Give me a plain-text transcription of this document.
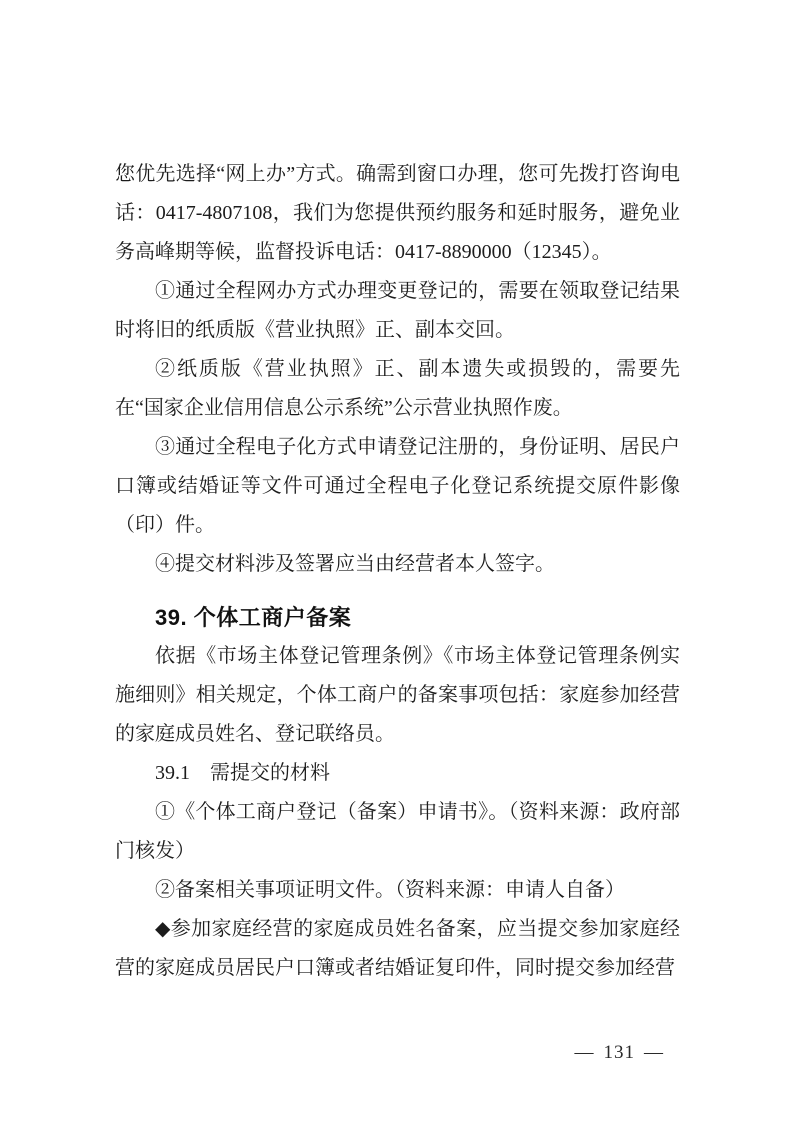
您优先选择“网上办”方式。确需到窗口办理，您可先拨打咨询电话：0417-4807108，我们为您提供预约服务和延时服务，避免业务高峰期等候，监督投诉电话：0417-8890000（12345）。

①通过全程网办方式办理变更登记的，需要在领取登记结果时将旧的纸质版《营业执照》正、副本交回。

②纸质版《营业执照》正、副本遗失或损毁的，需要先在“国家企业信用信息公示系统”公示营业执照作废。

③通过全程电子化方式申请登记注册的，身份证明、居民户口簿或结婚证等文件可通过全程电子化登记系统提交原件影像（印）件。

④提交材料涉及签署应当由经营者本人签字。

39. 个体工商户备案

依据《市场主体登记管理条例》《市场主体登记管理条例实施细则》相关规定，个体工商户的备案事项包括：家庭参加经营的家庭成员姓名、登记联络员。

39.1　需提交的材料

①《个体工商户登记（备案）申请书》。（资料来源：政府部门核发）

②备案相关事项证明文件。（资料来源：申请人自备）

◆参加家庭经营的家庭成员姓名备案，应当提交参加家庭经营的家庭成员居民户口簿或者结婚证复印件，同时提交参加经营

— 131 —
